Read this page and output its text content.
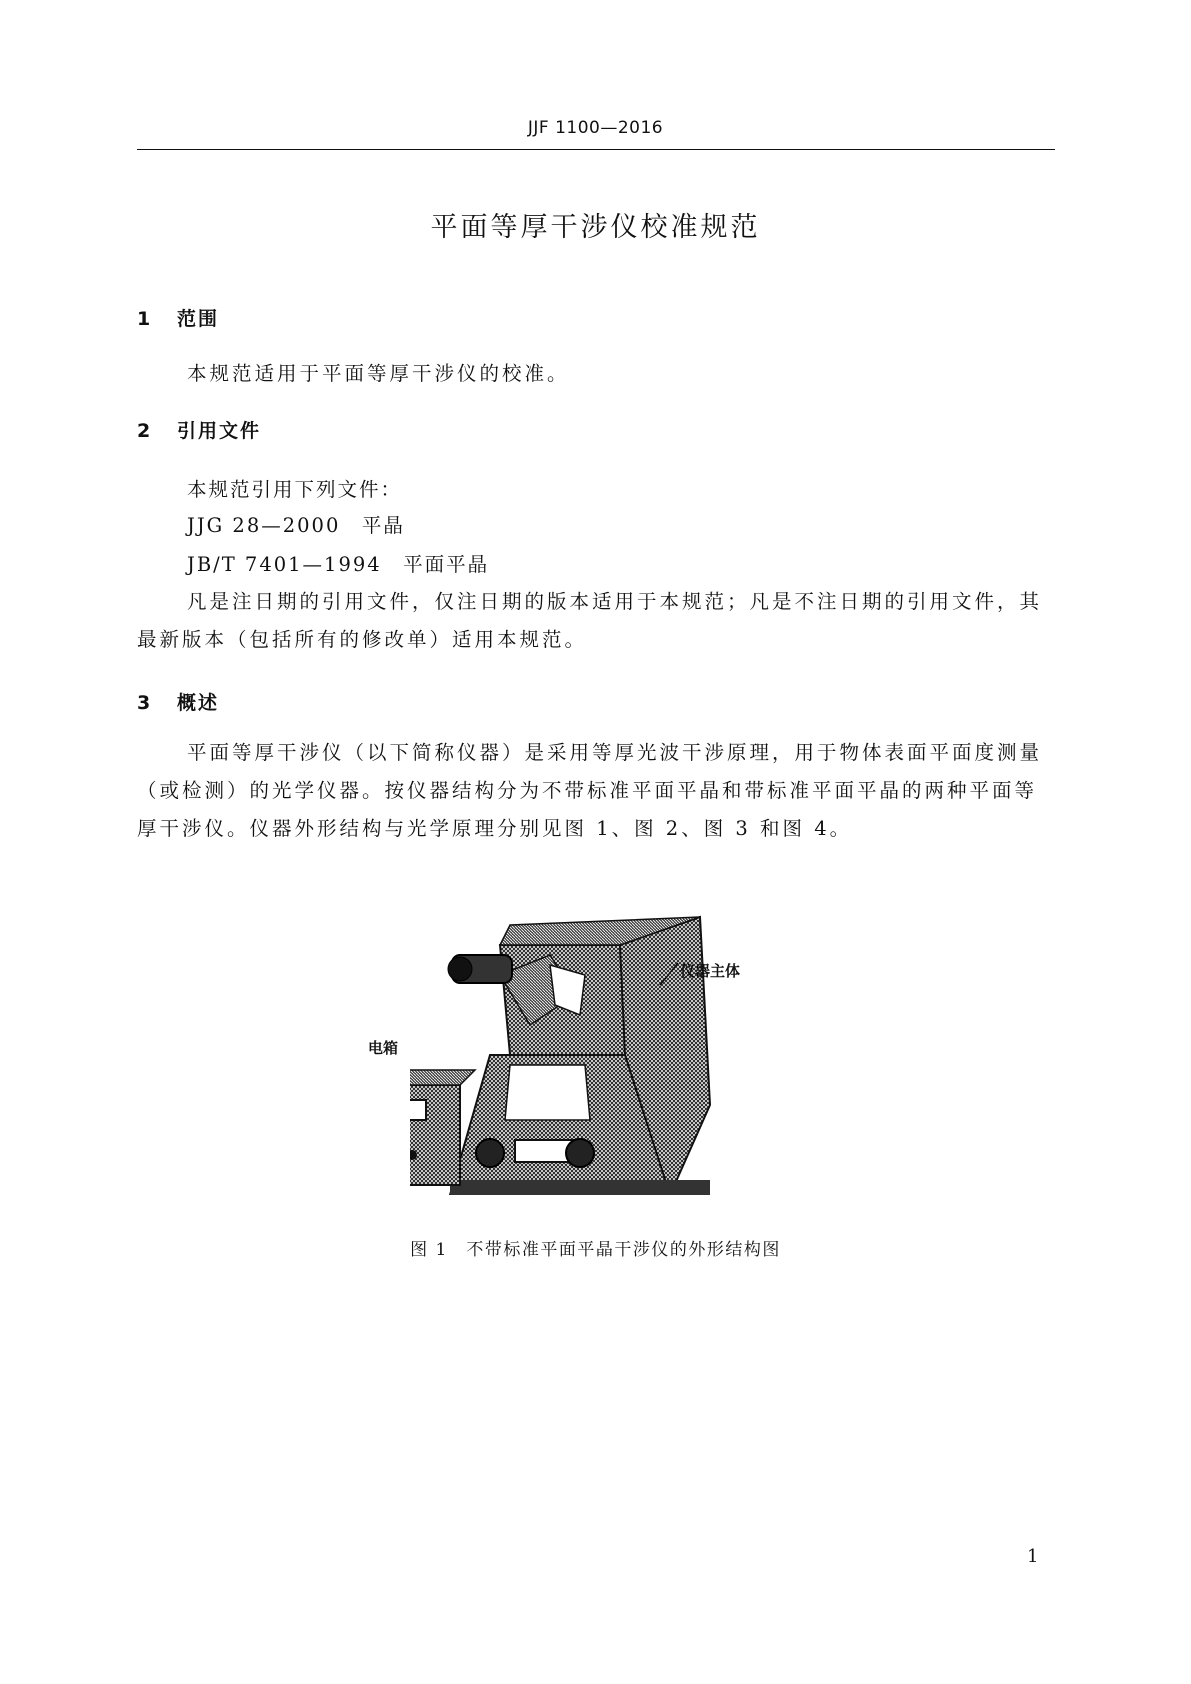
JJF 1100—2016
平面等厚干涉仪校准规范
1 范围
本规范适用于平面等厚干涉仪的校准。
2 引用文件
本规范引用下列文件：
JJG 28—2000　平晶
JB/T 7401—1994　平面平晶
凡是注日期的引用文件，仅注日期的版本适用于本规范；凡是不注日期的引用文件，其最新版本（包括所有的修改单）适用本规范。
3 概述
平面等厚干涉仪（以下简称仪器）是采用等厚光波干涉原理，用于物体表面平面度测量（或检测）的光学仪器。按仪器结构分为不带标准平面平晶和带标准平面平晶的两种平面等厚干涉仪。仪器外形结构与光学原理分别见图 1、图 2、图 3 和图 4。
仪器主体
电箱
图 1　不带标准平面平晶干涉仪的外形结构图
1
